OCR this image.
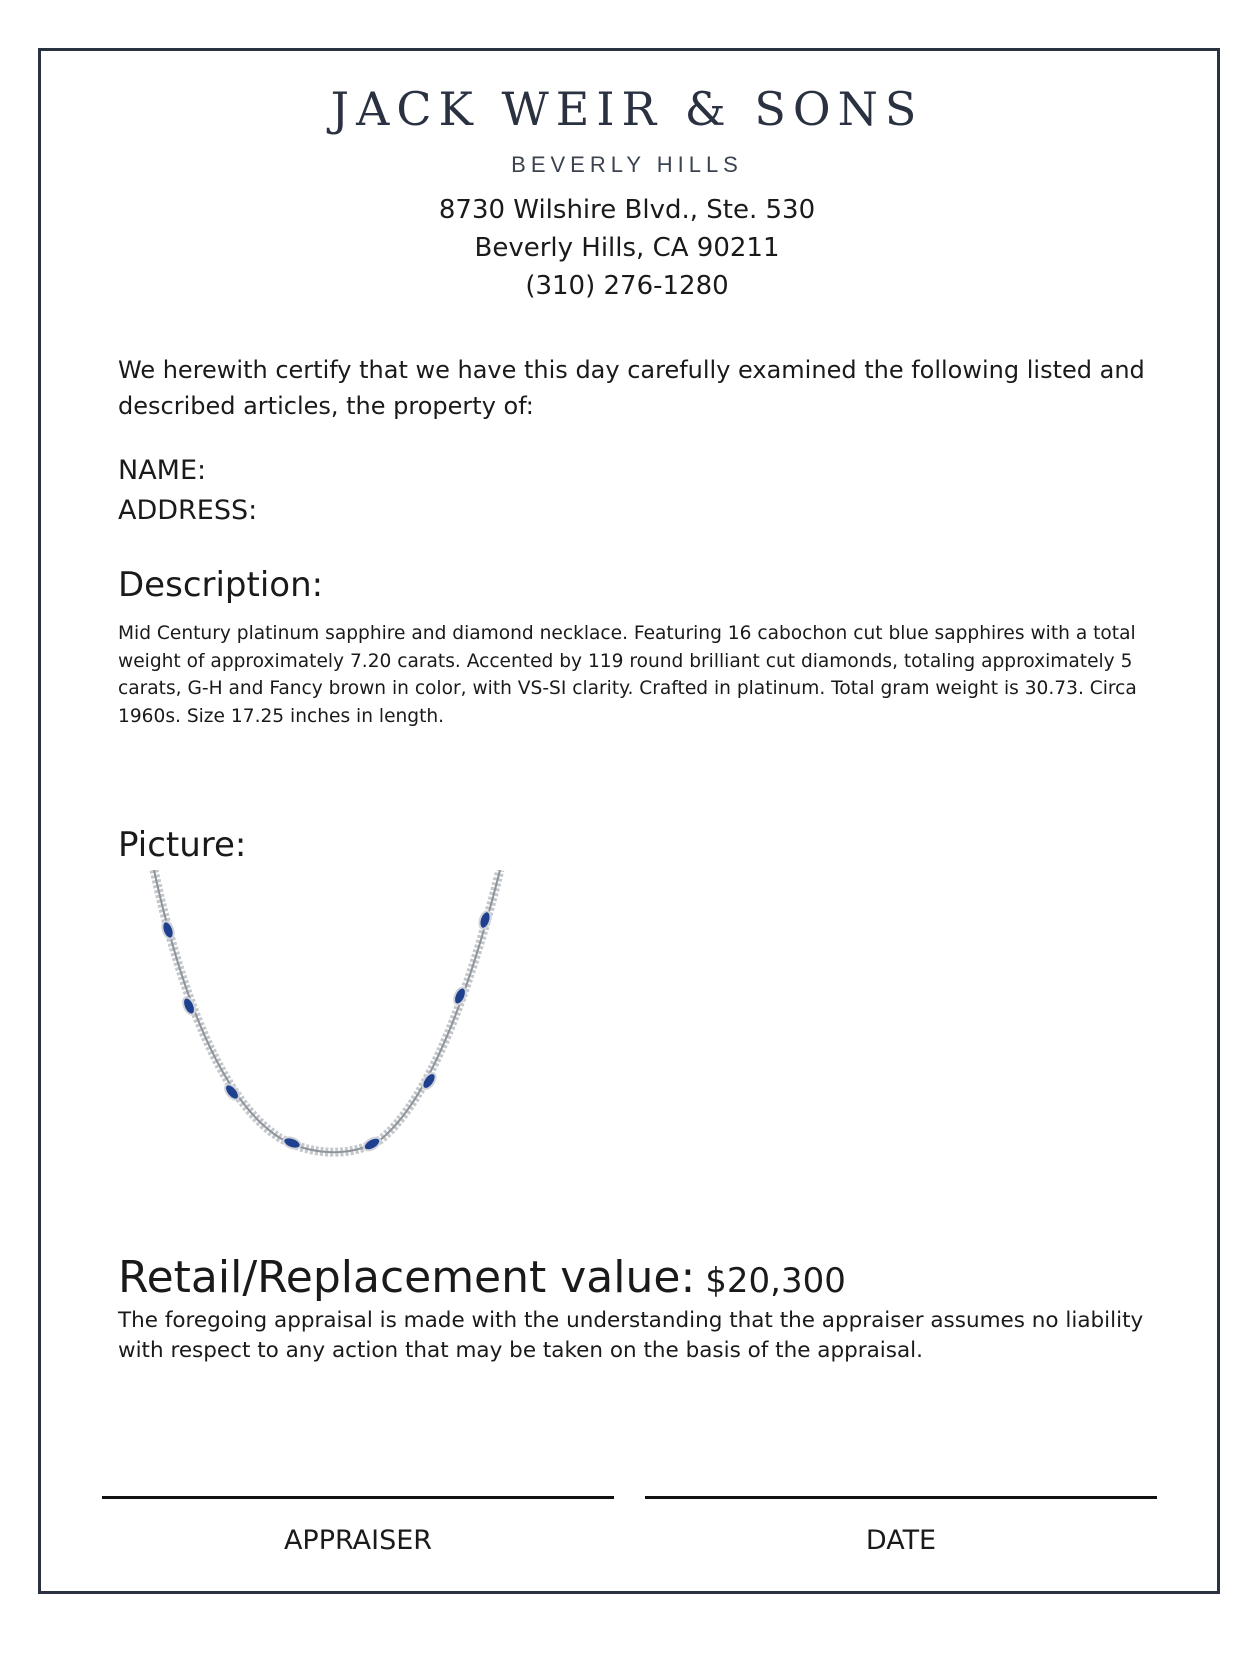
JACK WEIR & SONS
BEVERLY HILLS
8730 Wilshire Blvd., Ste. 530
Beverly Hills, CA 90211
(310) 276-1280
We herewith certify that we have this day carefully examined the following listed and described articles, the property of:
NAME:
ADDRESS:
Description:
Mid Century platinum sapphire and diamond necklace. Featuring 16 cabochon cut blue sapphires with a total weight of approximately 7.20 carats. Accented by 119 round brilliant cut diamonds, totaling approximately 5 carats, G-H and Fancy brown in color, with VS-SI clarity. Crafted in platinum. Total gram weight is 30.73. Circa 1960s. Size 17.25 inches in length.
Picture:
Retail/Replacement value: $20,300
The foregoing appraisal is made with the understanding that the appraiser assumes no liability with respect to any action that may be taken on the basis of the appraisal.
APPRAISER	DATE
